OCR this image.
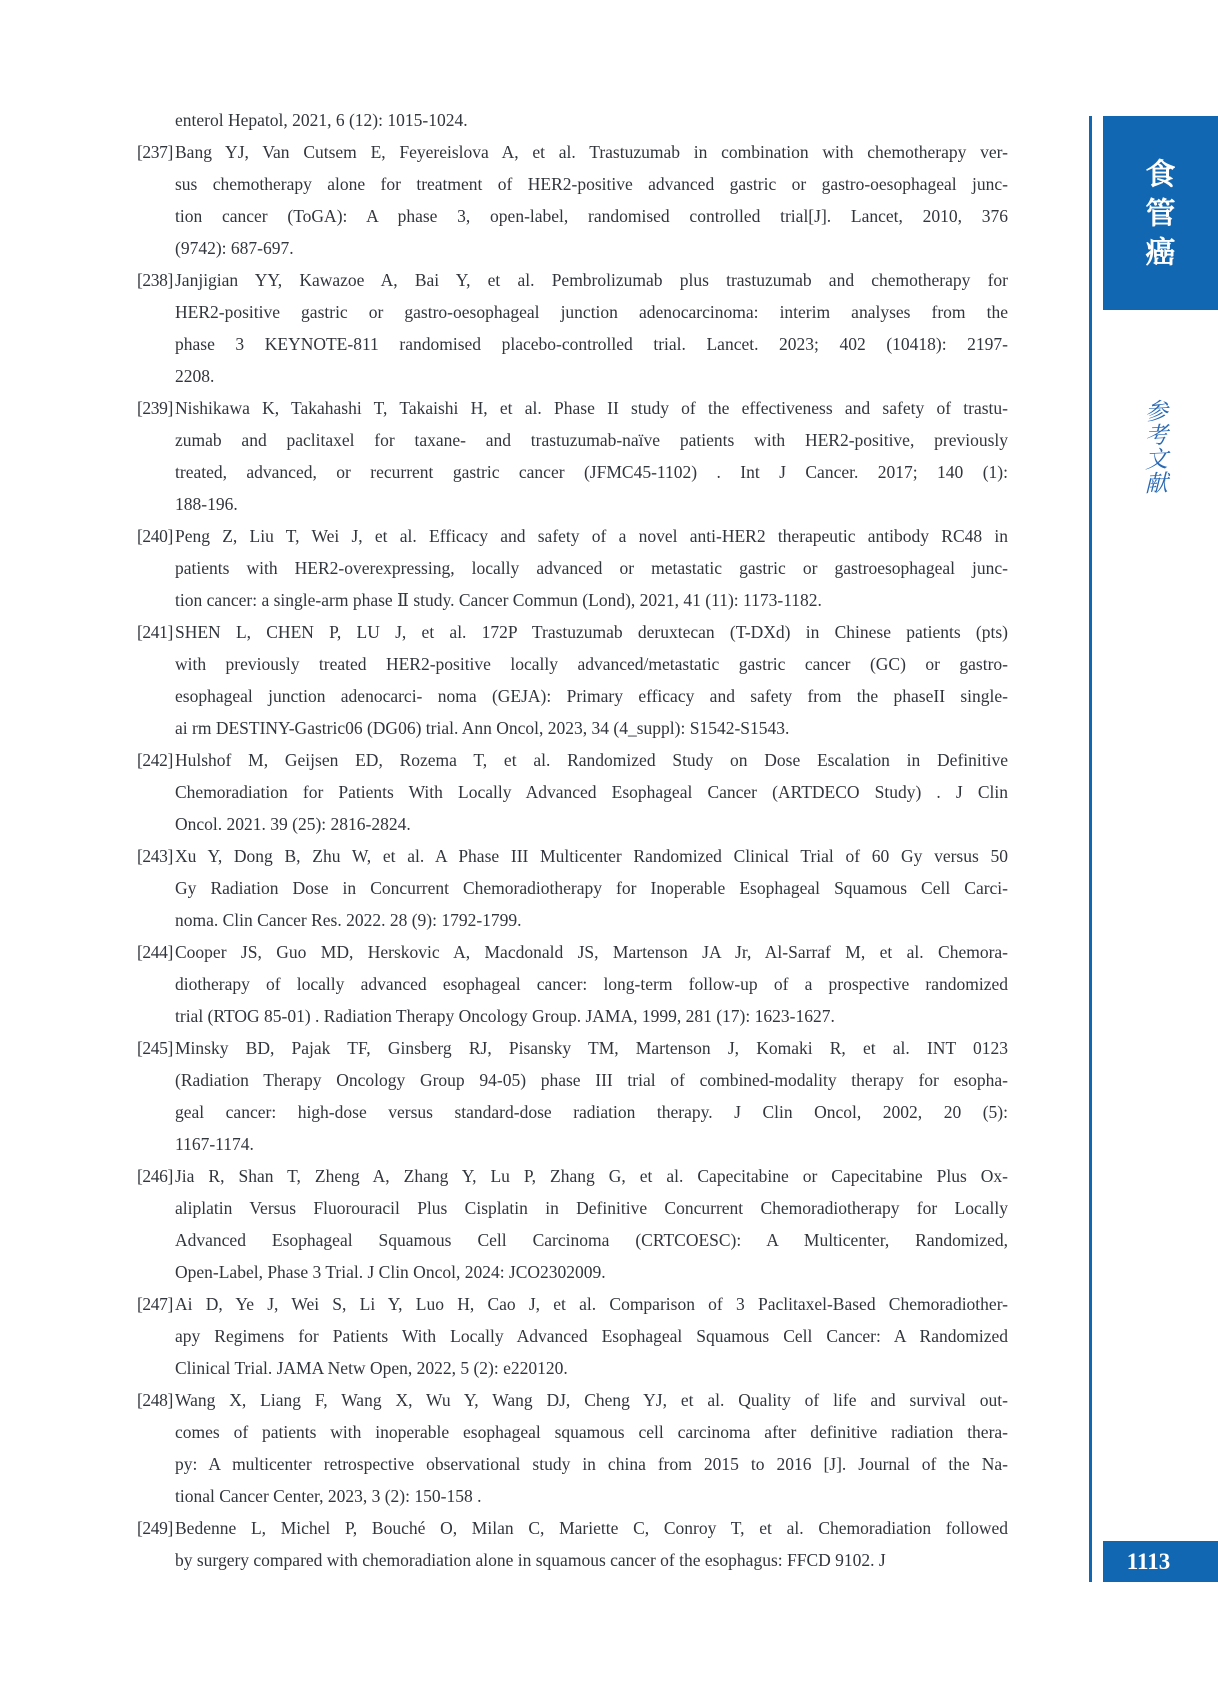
enterol Hepatol, 2021, 6 (12): 1015-1024.
[237] Bang YJ, Van Cutsem E, Feyereislova A, et al. Trastuzumab in combination with chemotherapy ver-
sus chemotherapy alone for treatment of HER2-positive advanced gastric or gastro-oesophageal junc-
tion cancer (ToGA): A phase 3, open-label, randomised controlled trial[J]. Lancet, 2010, 376
(9742): 687-697.
[238] Janjigian YY, Kawazoe A, Bai Y, et al. Pembrolizumab plus trastuzumab and chemotherapy for
HER2-positive gastric or gastro-oesophageal junction adenocarcinoma: interim analyses from the
phase 3 KEYNOTE-811 randomised placebo-controlled trial. Lancet. 2023; 402 (10418): 2197-
2208.
[239] Nishikawa K, Takahashi T, Takaishi H, et al. Phase II study of the effectiveness and safety of trastu-
zumab and paclitaxel for taxane- and trastuzumab-naïve patients with HER2-positive, previously
treated, advanced, or recurrent gastric cancer (JFMC45-1102) . Int J Cancer. 2017; 140 (1):
188-196.
[240] Peng Z, Liu T, Wei J, et al. Efficacy and safety of a novel anti-HER2 therapeutic antibody RC48 in
patients with HER2-overexpressing, locally advanced or metastatic gastric or gastroesophageal junc-
tion cancer: a single-arm phase Ⅱ study. Cancer Commun (Lond), 2021, 41 (11): 1173-1182.
[241] SHEN L, CHEN P, LU J, et al. 172P Trastuzumab deruxtecan (T-DXd) in Chinese patients (pts)
with previously treated HER2-positive locally advanced/metastatic gastric cancer (GC) or gastro-
esophageal junction adenocarci- noma (GEJA): Primary efficacy and safety from the phaseII single-
ai rm DESTINY-Gastric06 (DG06) trial. Ann Oncol, 2023, 34 (4_suppl): S1542-S1543.
[242] Hulshof M, Geijsen ED, Rozema T, et al. Randomized Study on Dose Escalation in Definitive
Chemoradiation for Patients With Locally Advanced Esophageal Cancer (ARTDECO Study) . J Clin
Oncol. 2021. 39 (25): 2816-2824.
[243] Xu Y, Dong B, Zhu W, et al. A Phase III Multicenter Randomized Clinical Trial of 60 Gy versus 50
Gy Radiation Dose in Concurrent Chemoradiotherapy for Inoperable Esophageal Squamous Cell Carci-
noma. Clin Cancer Res. 2022. 28 (9): 1792-1799.
[244] Cooper JS, Guo MD, Herskovic A, Macdonald JS, Martenson JA Jr, Al-Sarraf M, et al. Chemora-
diotherapy of locally advanced esophageal cancer: long-term follow-up of a prospective randomized
trial (RTOG 85-01) . Radiation Therapy Oncology Group. JAMA, 1999, 281 (17): 1623-1627.
[245] Minsky BD, Pajak TF, Ginsberg RJ, Pisansky TM, Martenson J, Komaki R, et al. INT 0123
(Radiation Therapy Oncology Group 94-05) phase III trial of combined-modality therapy for esopha-
geal cancer: high-dose versus standard-dose radiation therapy. J Clin Oncol, 2002, 20 (5):
1167-1174.
[246] Jia R, Shan T, Zheng A, Zhang Y, Lu P, Zhang G, et al. Capecitabine or Capecitabine Plus Ox-
aliplatin Versus Fluorouracil Plus Cisplatin in Definitive Concurrent Chemoradiotherapy for Locally
Advanced Esophageal Squamous Cell Carcinoma (CRTCOESC): A Multicenter, Randomized,
Open-Label, Phase 3 Trial. J Clin Oncol, 2024: JCO2302009.
[247] Ai D, Ye J, Wei S, Li Y, Luo H, Cao J, et al. Comparison of 3 Paclitaxel-Based Chemoradiother-
apy Regimens for Patients With Locally Advanced Esophageal Squamous Cell Cancer: A Randomized
Clinical Trial. JAMA Netw Open, 2022, 5 (2): e220120.
[248] Wang X, Liang F, Wang X, Wu Y, Wang DJ, Cheng YJ, et al. Quality of life and survival out-
comes of patients with inoperable esophageal squamous cell carcinoma after definitive radiation thera-
py: A multicenter retrospective observational study in china from 2015 to 2016 [J]. Journal of the Na-
tional Cancer Center, 2023, 3 (2): 150-158 .
[249] Bedenne L, Michel P, Bouché O, Milan C, Mariette C, Conroy T, et al. Chemoradiation followed
by surgery compared with chemoradiation alone in squamous cancer of the esophagus: FFCD 9102. J
食管癌
参考文献
1113
